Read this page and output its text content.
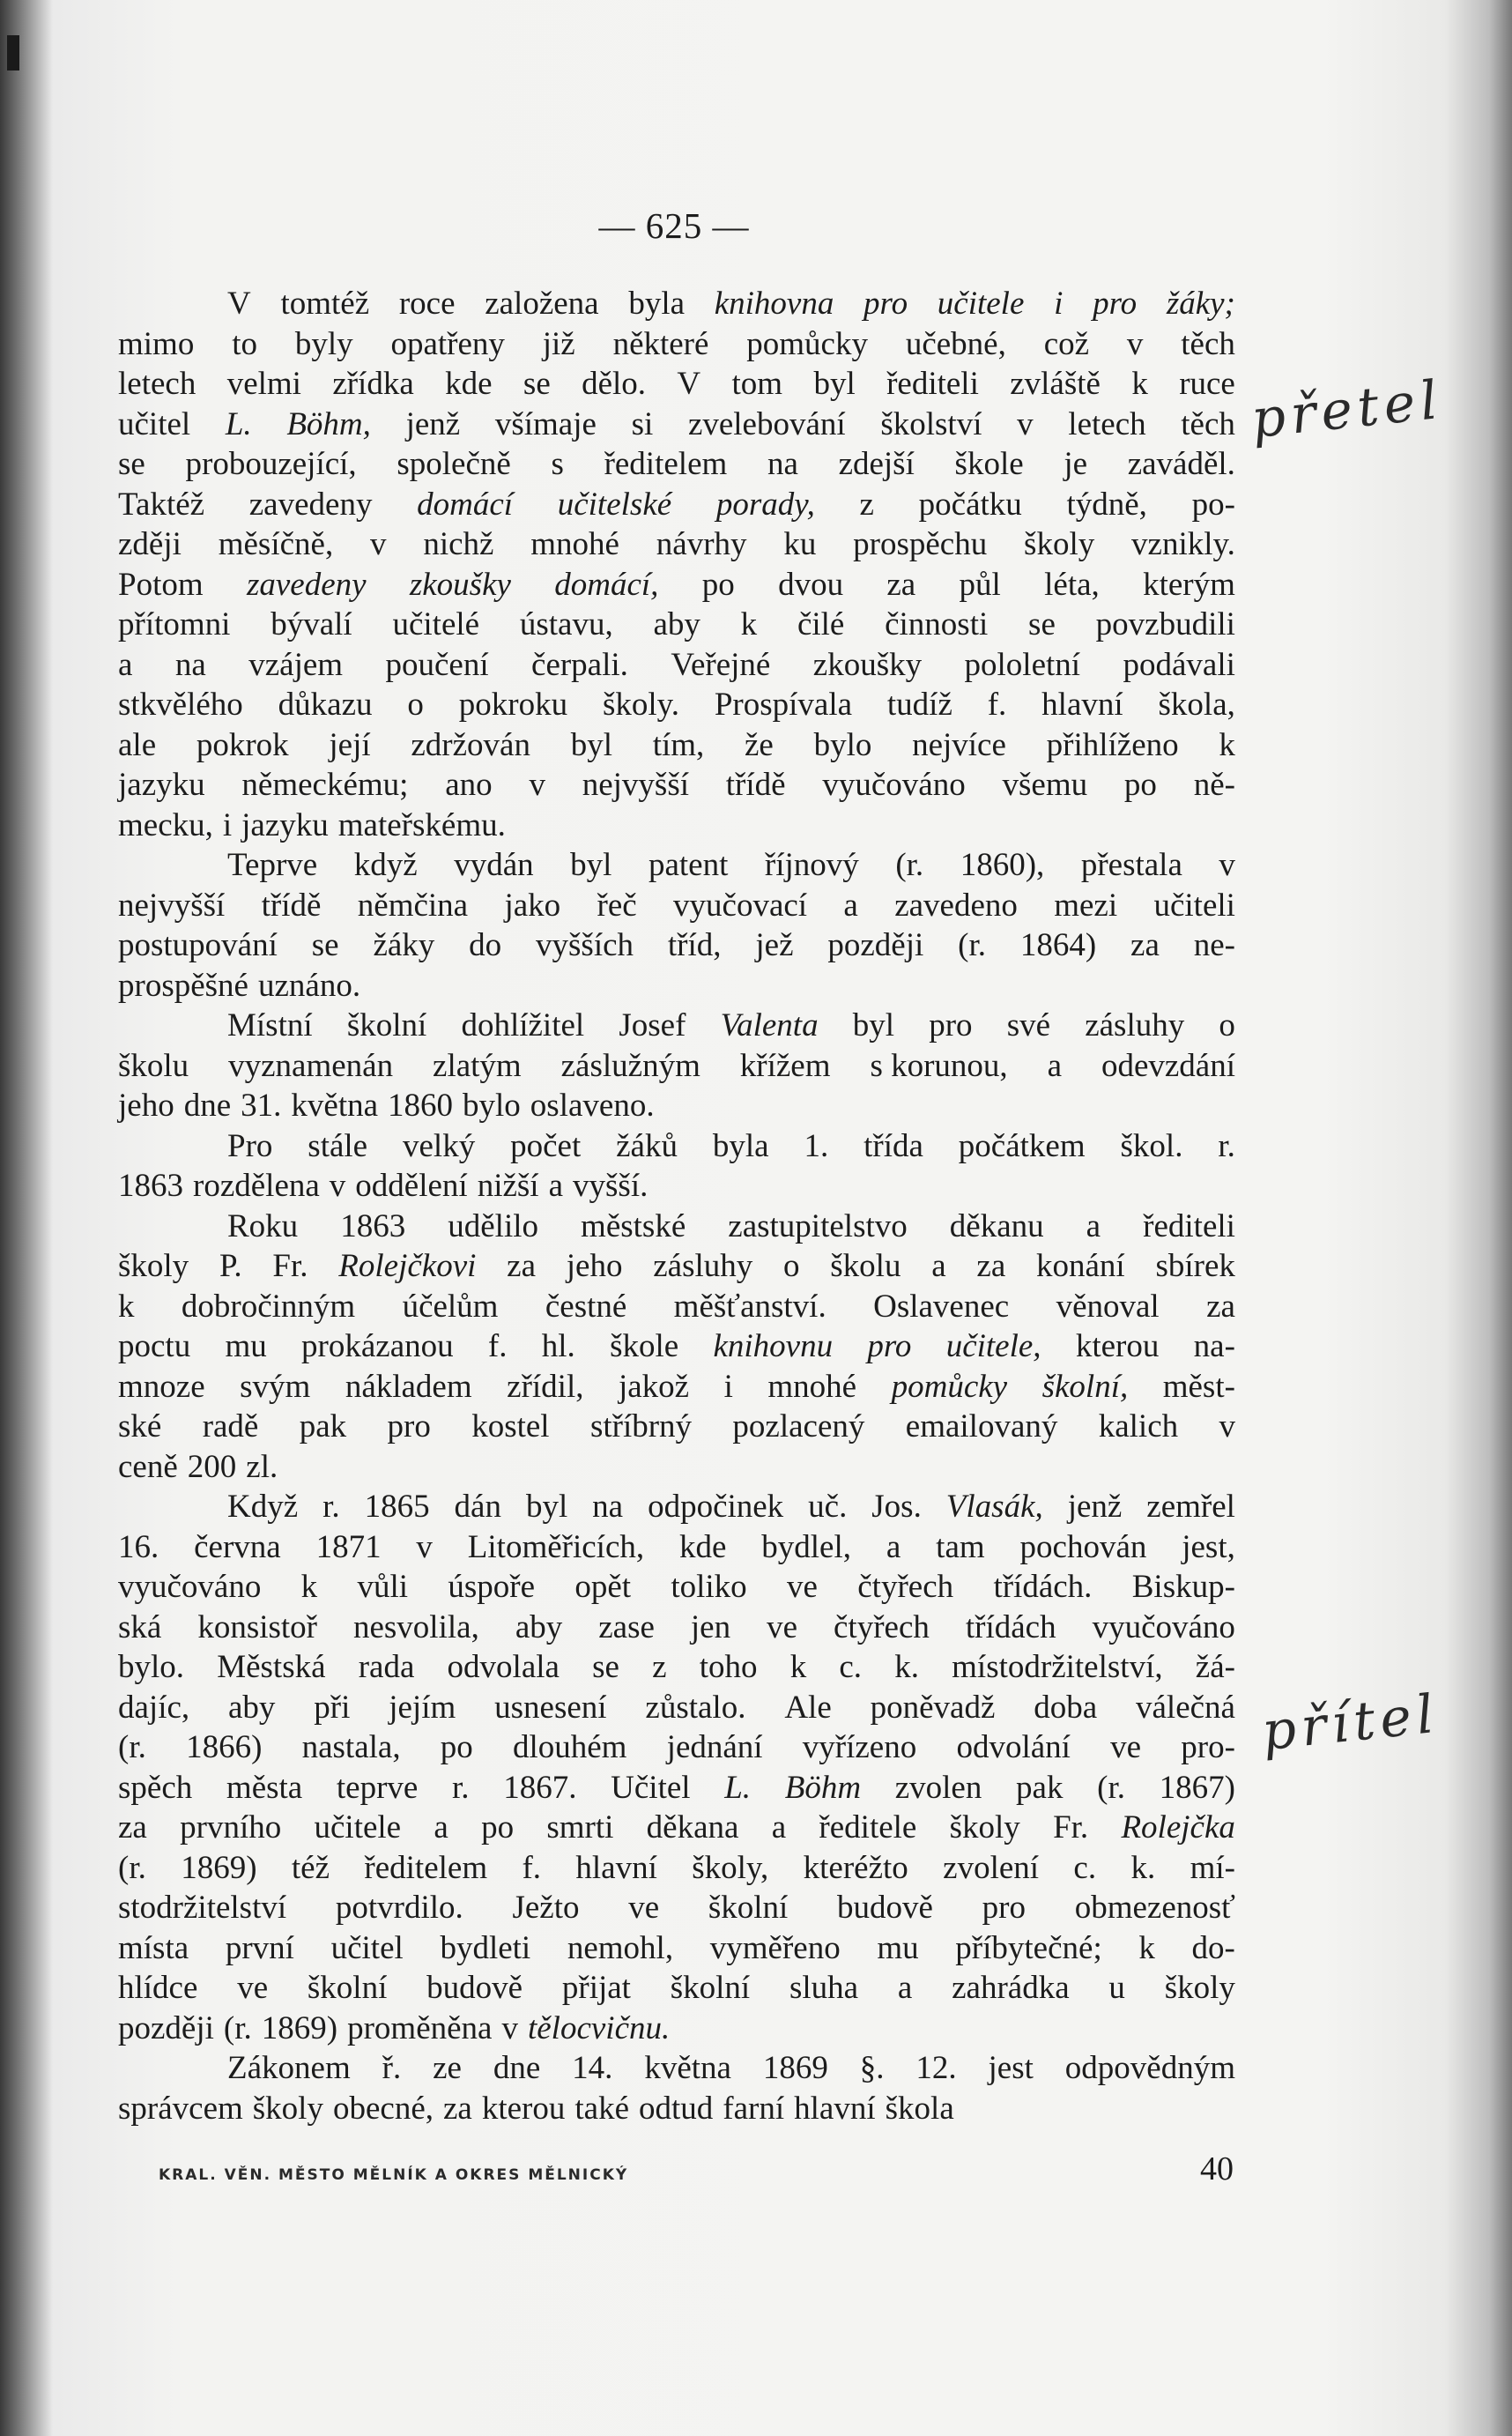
— 625 —
V tomtéž roce založena byla knihovna pro učitele i pro žáky;
mimo to byly opatřeny již některé pomůcky učebné, což v těch
letech velmi zřídka kde se dělo. V tom byl řediteli zvláště k ruce
učitel L. Böhm, jenž všímaje si zvelebování školství v letech těch
se probouzející, společně s ředitelem na zdejší škole je zaváděl.
Taktéž zavedeny domácí učitelské porady, z počátku týdně, po-
zději měsíčně, v nichž mnohé návrhy ku prospěchu školy vznikly.
Potom zavedeny zkoušky domácí, po dvou za půl léta, kterým
přítomni bývalí učitelé ústavu, aby k čilé činnosti se povzbudili
a na vzájem poučení čerpali. Veřejné zkoušky pololetní podávali
stkvělého důkazu o pokroku školy. Prospívala tudíž f. hlavní škola,
ale pokrok její zdržován byl tím, že bylo nejvíce přihlíženo k
jazyku německému; ano v nejvyšší třídě vyučováno všemu po ně-
mecku, i jazyku mateřskému.
Teprve když vydán byl patent říjnový (r. 1860), přestala v
nejvyšší třídě němčina jako řeč vyučovací a zavedeno mezi učiteli
postupování se žáky do vyšších tříd, jež později (r. 1864) za ne-
prospěšné uznáno.
Místní školní dohlížitel Josef Valenta byl pro své zásluhy o
školu vyznamenán zlatým záslužným křížem s korunou, a odevzdání
jeho dne 31. května 1860 bylo oslaveno.
Pro stále velký počet žáků byla 1. třída počátkem škol. r.
1863 rozdělena v oddělení nižší a vyšší.
Roku 1863 udělilo městské zastupitelstvo děkanu a řediteli
školy P. Fr. Rolejčkovi za jeho zásluhy o školu a za konání sbírek
k dobročinným účelům čestné měšťanství. Oslavenec věnoval za
poctu mu prokázanou f. hl. škole knihovnu pro učitele, kterou na-
mnoze svým nákladem zřídil, jakož i mnohé pomůcky školní, měst-
ské radě pak pro kostel stříbrný pozlacený emailovaný kalich v
ceně 200 zl.
Když r. 1865 dán byl na odpočinek uč. Jos. Vlasák, jenž zemřel
16. června 1871 v Litoměřicích, kde bydlel, a tam pochován jest,
vyučováno k vůli úspoře opět toliko ve čtyřech třídách. Biskup-
ská konsistoř nesvolila, aby zase jen ve čtyřech třídách vyučováno
bylo. Městská rada odvolala se z toho k c. k. místodržitelství, žá-
dajíc, aby při jejím usnesení zůstalo. Ale poněvadž doba válečná
(r. 1866) nastala, po dlouhém jednání vyřízeno odvolání ve pro-
spěch města teprve r. 1867. Učitel L. Böhm zvolen pak (r. 1867)
za prvního učitele a po smrti děkana a ředitele školy Fr. Rolejčka
(r. 1869) též ředitelem f. hlavní školy, kteréžto zvolení c. k. mí-
stodržitelství potvrdilo. Ježto ve školní budově pro obmezenosť
místa první učitel bydleti nemohl, vyměřeno mu příbytečné; k do-
hlídce ve školní budově přijat školní sluha a zahrádka u školy
později (r. 1869) proměněna v tělocvičnu.
Zákonem ř. ze dne 14. května 1869 §. 12. jest odpovědným
správcem školy obecné, za kterou také odtud farní hlavní škola
přetel
přítel
KRAL. VĚN. MĚSTO MĚLNÍK A OKRES MĚLNICKÝ	40
